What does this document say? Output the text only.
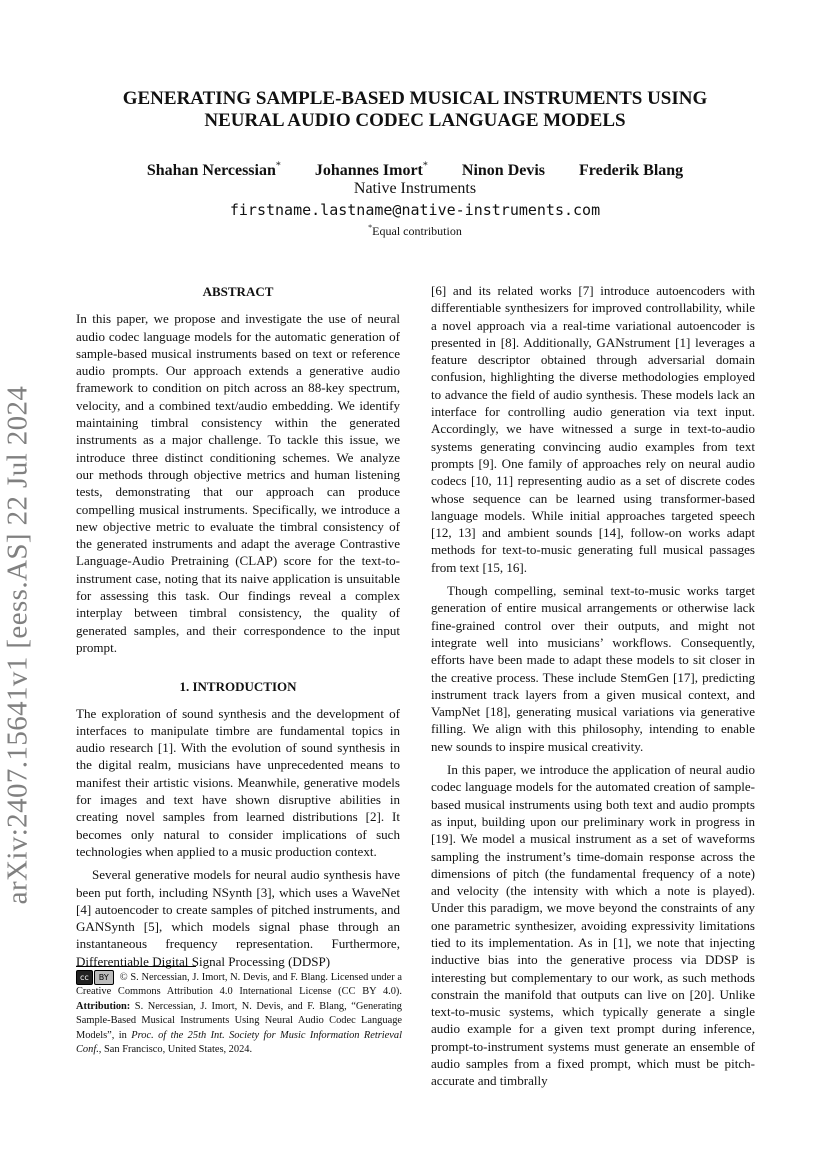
arXiv:2407.15641v1 [eess.AS] 22 Jul 2024
GENERATING SAMPLE-BASED MUSICAL INSTRUMENTS USING
NEURAL AUDIO CODEC LANGUAGE MODELS
Shahan Nercessian* Johannes Imort* Ninon Devis Frederik Blang
Native Instruments
firstname.lastname@native-instruments.com
*Equal contribution
ABSTRACT

In this paper, we propose and investigate the use of neural audio codec language models for the automatic generation of sample-based musical instruments based on text or reference audio prompts. Our approach extends a generative audio framework to condition on pitch across an 88-key spectrum, velocity, and a combined text/audio embedding. We identify maintaining timbral consistency within the generated instruments as a major challenge. To tackle this issue, we introduce three distinct conditioning schemes. We analyze our methods through objective metrics and human listening tests, demonstrating that our approach can produce compelling musical instruments. Specifically, we introduce a new objective metric to evaluate the timbral consistency of the generated instruments and adapt the average Contrastive Language-Audio Pretraining (CLAP) score for the text-to-instrument case, noting that its naive application is unsuitable for assessing this task. Our findings reveal a complex interplay between timbral consistency, the quality of generated samples, and their correspondence to the input prompt.

1. INTRODUCTION

The exploration of sound synthesis and the development of interfaces to manipulate timbre are fundamental topics in audio research [1]. With the evolution of sound synthesis in the digital realm, musicians have unprecedented means to manifest their artistic visions. Meanwhile, generative models for images and text have shown disruptive abilities in creating novel samples from learned distributions [2]. It becomes only natural to consider implications of such technologies when applied to a music production context.

Several generative models for neural audio synthesis have been put forth, including NSynth [3], which uses a WaveNet [4] autoencoder to create samples of pitched instruments, and GANSynth [5], which models signal phase through an instantaneous frequency representation. Furthermore, Differentiable Digital Signal Processing (DDSP)

cc	BY	© S. Nercessian, J. Imort, N. Devis, and F. Blang. Licensed under a Creative Commons Attribution 4.0 International License (CC BY 4.0). Attribution: S. Nercessian, J. Imort, N. Devis, and F. Blang, “Generating Sample-Based Musical Instruments Using Neural Audio Codec Language Models”, in Proc. of the 25th Int. Society for Music Information Retrieval Conf., San Francisco, United States, 2024.

[6] and its related works [7] introduce autoencoders with differentiable synthesizers for improved controllability, while a novel approach via a real-time variational autoencoder is presented in [8]. Additionally, GANstrument [1] leverages a feature descriptor obtained through adversarial domain confusion, highlighting the diverse methodologies employed to advance the field of audio synthesis. These models lack an interface for controlling audio generation via text input. Accordingly, we have witnessed a surge in text-to-audio systems generating convincing audio examples from text prompts [9]. One family of approaches rely on neural audio codecs [10, 11] representing audio as a set of discrete codes whose sequence can be learned using transformer-based language models. While initial approaches targeted speech [12, 13] and ambient sounds [14], follow-on works adapt methods for text-to-music generating full musical passages from text [15, 16].

Though compelling, seminal text-to-music works target generation of entire musical arrangements or otherwise lack fine-grained control over their outputs, and might not integrate well into musicians’ workflows. Consequently, efforts have been made to adapt these models to sit closer in the creative process. These include StemGen [17], predicting instrument track layers from a given musical context, and VampNet [18], generating musical variations via generative filling. We align with this philosophy, intending to enable new sounds to inspire musical creativity.

In this paper, we introduce the application of neural audio codec language models for the automated creation of sample-based musical instruments using both text and audio prompts as input, building upon our preliminary work in progress in [19]. We model a musical instrument as a set of waveforms sampling the instrument’s time-domain response across the dimensions of pitch (the fundamental frequency of a note) and velocity (the intensity with which a note is played). Under this paradigm, we move beyond the constraints of any one parametric synthesizer, avoiding expressivity limitations tied to its implementation. As in [1], we note that injecting inductive bias into the generative process via DDSP is interesting but complementary to our work, as such methods constrain the manifold that outputs can live on [20]. Unlike text-to-music systems, which typically generate a single audio example for a given text prompt during inference, prompt-to-instrument systems must generate an ensemble of audio samples from a fixed prompt, which must be pitch-accurate and timbrally
